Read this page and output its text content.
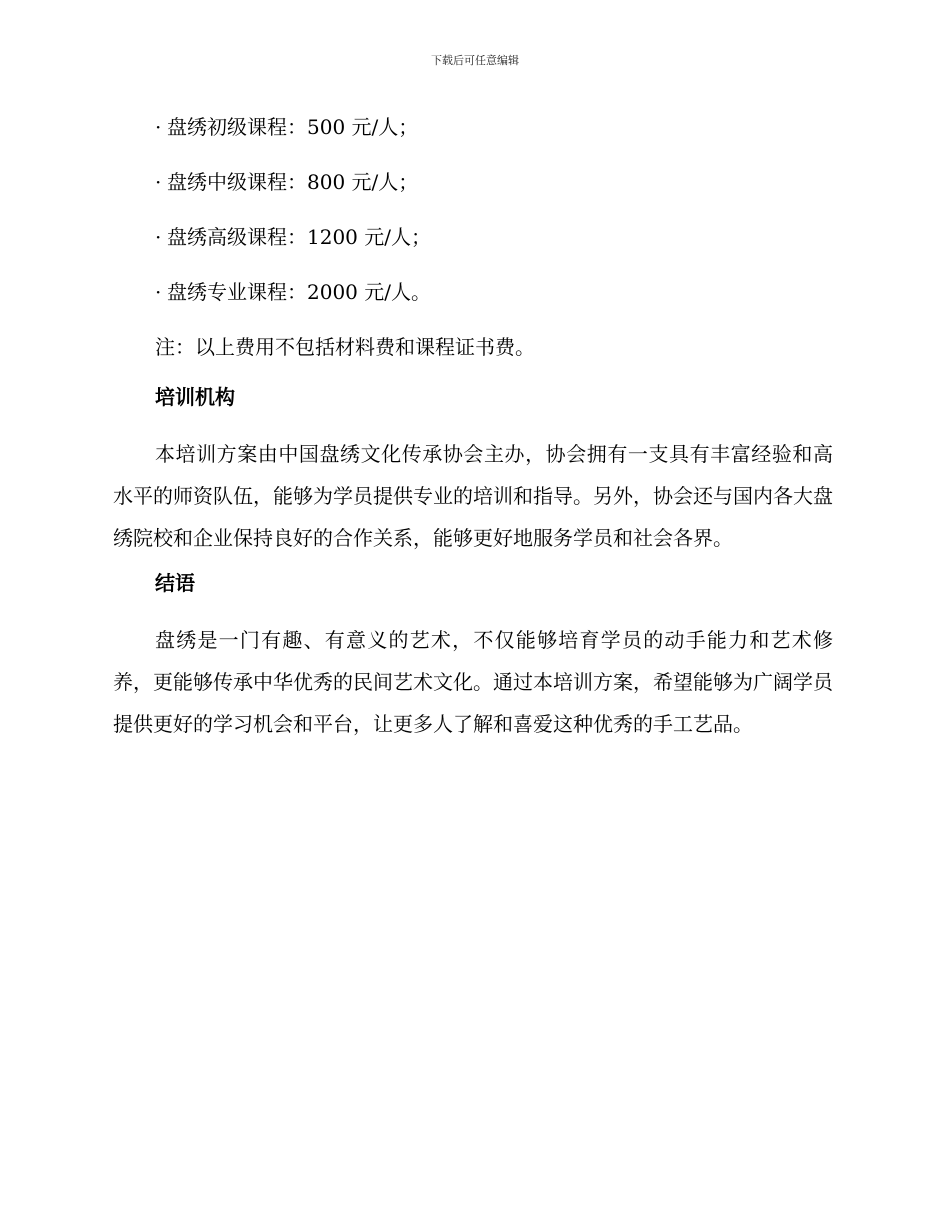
下载后可任意编辑
· 盘绣初级课程：500 元/人；
· 盘绣中级课程：800 元/人；
· 盘绣高级课程：1200 元/人；
· 盘绣专业课程：2000 元/人。

注：以上费用不包括材料费和课程证书费。

培训机构

本培训方案由中国盘绣文化传承协会主办，协会拥有一支具有丰富经验和高水平的师资队伍，能够为学员提供专业的培训和指导。另外，协会还与国内各大盘绣院校和企业保持良好的合作关系，能够更好地服务学员和社会各界。

结语

盘绣是一门有趣、有意义的艺术，不仅能够培育学员的动手能力和艺术修养，更能够传承中华优秀的民间艺术文化。通过本培训方案，希望能够为广阔学员提供更好的学习机会和平台，让更多人了解和喜爱这种优秀的手工艺品。
